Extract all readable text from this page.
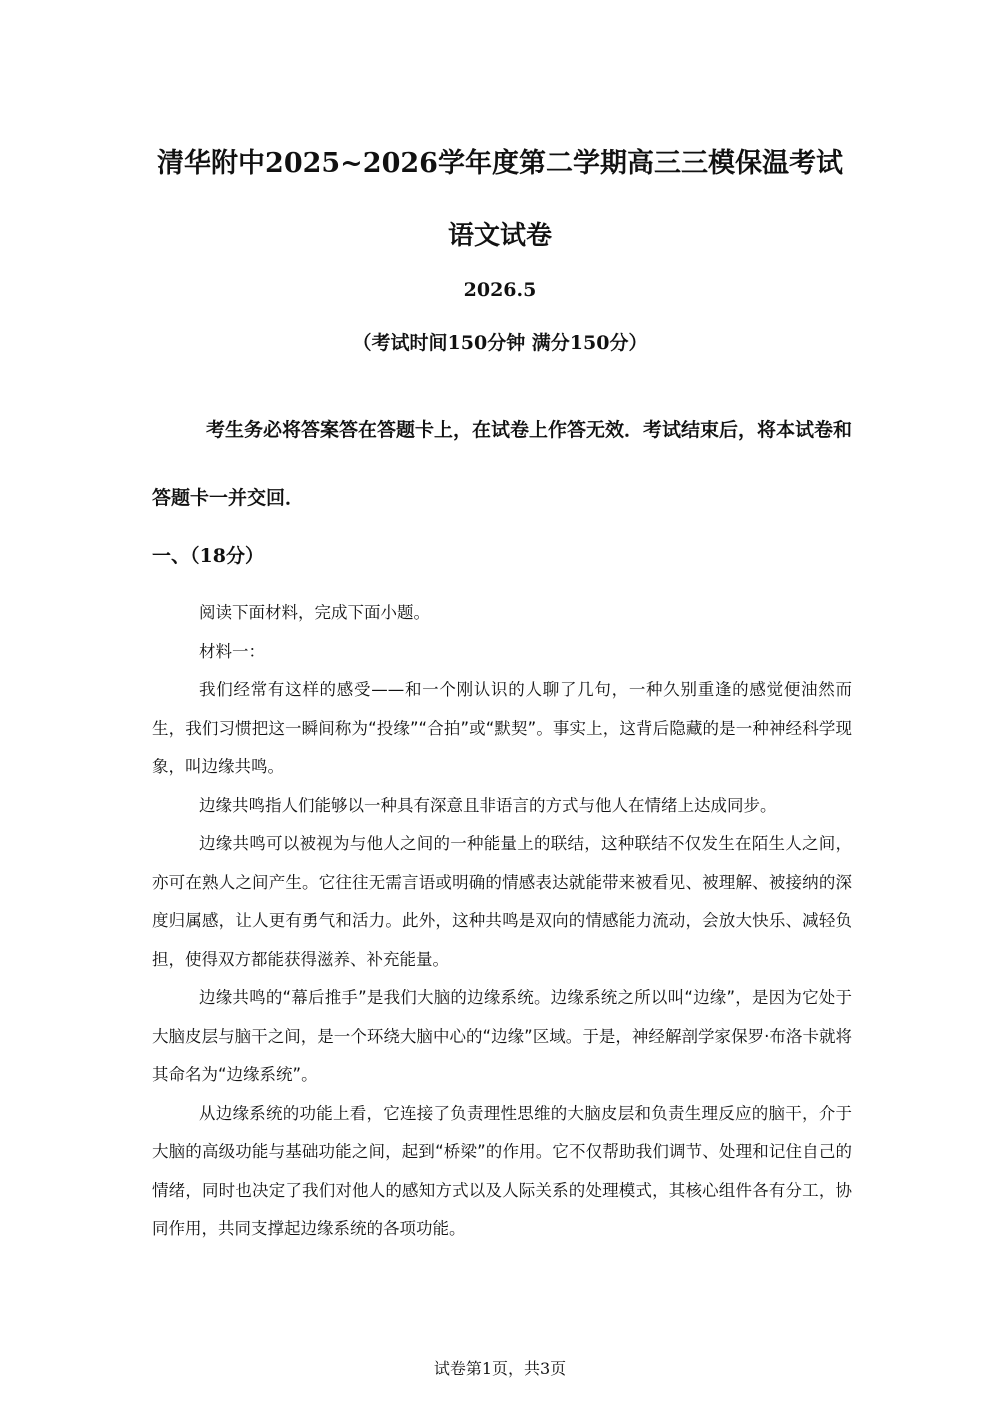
清华附中2025~2026学年度第二学期高三三模保温考试
语文试卷
2026.5
（考试时间150分钟 满分150分）
考生务必将答案答在答题卡上，在试卷上作答无效．考试结束后，将本试卷和答题卡一并交回．
一、（18分）

阅读下面材料，完成下面小题。

材料一：

我们经常有这样的感受——和一个刚认识的人聊了几句，一种久别重逢的感觉便油然而生，我们习惯把这一瞬间称为“投缘”“合拍”或“默契”。事实上，这背后隐藏的是一种神经科学现象，叫边缘共鸣。

边缘共鸣指人们能够以一种具有深意且非语言的方式与他人在情绪上达成同步。

边缘共鸣可以被视为与他人之间的一种能量上的联结，这种联结不仅发生在陌生人之间，亦可在熟人之间产生。它往往无需言语或明确的情感表达就能带来被看见、被理解、被接纳的深度归属感，让人更有勇气和活力。此外，这种共鸣是双向的情感能力流动，会放大快乐、减轻负担，使得双方都能获得滋养、补充能量。

边缘共鸣的“幕后推手”是我们大脑的边缘系统。边缘系统之所以叫“边缘”，是因为它处于大脑皮层与脑干之间，是一个环绕大脑中心的“边缘”区域。于是，神经解剖学家保罗·布洛卡就将其命名为“边缘系统”。

从边缘系统的功能上看，它连接了负责理性思维的大脑皮层和负责生理反应的脑干，介于大脑的高级功能与基础功能之间，起到“桥梁”的作用。它不仅帮助我们调节、处理和记住自己的情绪，同时也决定了我们对他人的感知方式以及人际关系的处理模式，其核心组件各有分工，协同作用，共同支撑起边缘系统的各项功能。

试卷第1页，共3页
